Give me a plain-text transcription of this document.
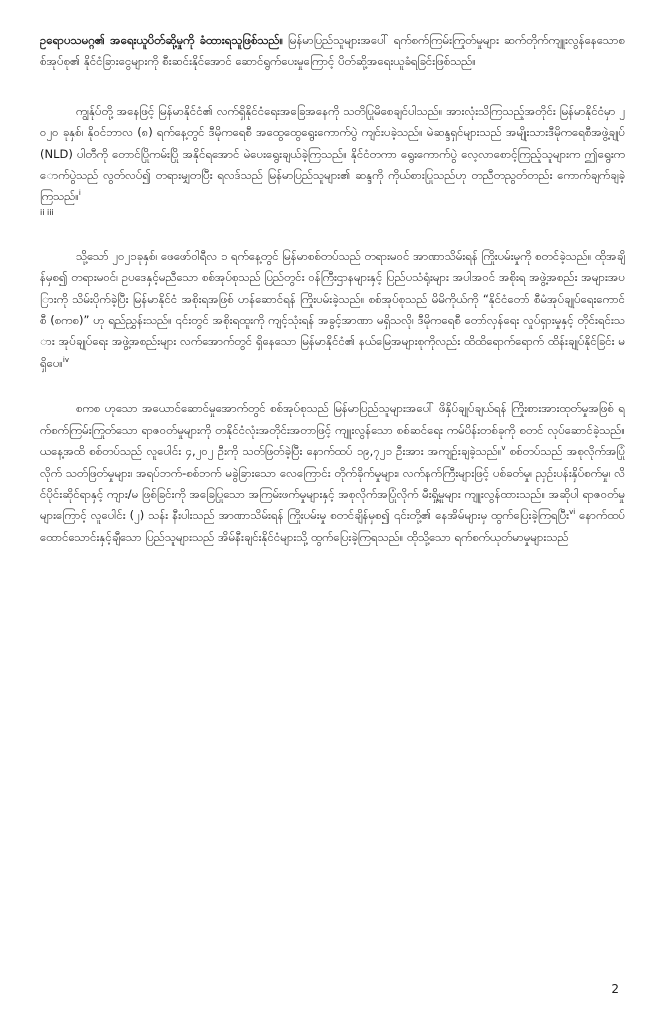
ဥရောပသမဂ္ဂ၏ အရေးယူပိတ်ဆို့မှုကို ခံထားရသူဖြစ်သည်။ မြန်မာပြည်သူများအပေါ် ရက်စက်ကြမ်းကြုတ်မှုများ ဆက်တိုက်ကျူးလွန်နေသောစစ်အုပ်စု၏ နိုင်ငံခြားငွေများကို စီးဆင်းနိုင်အောင် ဆောင်ရွက်ပေးမှုကြောင့် ပိတ်ဆို့အရေးယူခံရခြင်းဖြစ်သည်။

ကျွန်ုပ်တို့ အနေဖြင့် မြန်မာနိုင်ငံ၏ လက်ရှိနိုင်ငံရေးအခြေအနေကို သတိပြုမိစေချင်ပါသည်။ အားလုံးသိကြသည့်အတိုင်း မြန်မာနိုင်ငံမှာ ၂၀၂၀ ခုနှစ်၊ နိုဝင်ဘာလ (၈) ရက်နေ့တွင် ဒီမိုကရေစီ အထွေထွေရွေးကောက်ပွဲ ကျင်းပခဲ့သည်။ မဲဆန္ဒရှင်များသည် အမျိုးသားဒီမိုကရေစီအဖွဲ့ချုပ် (NLD) ပါတီကို တောင်ပြိုကမ်းပြို အနိုင်ရအောင် မဲပေးရွေးချယ်ခဲ့ကြသည်။ နိုင်ငံတကာ ရွေးကောက်ပွဲ လေ့လာစောင့်ကြည့်သူများက ဤရွေးကောက်ပွဲသည် လွတ်လပ်၍ တရားမျှတပြီး ရလဒ်သည် မြန်မာပြည်သူများ၏ ဆန္ဒကို ကိုယ်စားပြုသည်ဟု တညီတညွတ်တည်း ကောက်ချက်ချခဲ့ကြသည်။$^i$
ii iii

သို့သော် ၂၀၂၁ခုနှစ်၊ ဖေဖော်ဝါရီလ ၁ ရက်နေ့တွင် မြန်မာစစ်တပ်သည် တရားမဝင် အာဏာသိမ်းရန် ကြိုးပမ်းမှုကို စတင်ခဲ့သည်။ ထိုအချိန်မှစ၍ တရားမဝင်၊ ဥပဒေနှင့်မညီသော စစ်အုပ်စုသည် ပြည်တွင်း ဝန်ကြီးဌာနများနှင့် ပြည်ပသံရုံးများ အပါအဝင် အစိုးရ အဖွဲ့အစည်း အများအပြားကို သိမ်းပိုက်ခဲ့ပြီး မြန်မာနိုင်ငံ အစိုးရအဖြစ် ဟန်ဆောင်ရန် ကြိုးပမ်းခဲ့သည်။ စစ်အုပ်စုသည် မိမိကိုယ်ကို “နိုင်ငံတော် စီမံအုပ်ချုပ်ရေးကောင်စီ (စကစ)” ဟု ရည်ညွှန်းသည်။ ၎င်းတွင် အစိုးရထူးကို ကျင့်သုံးရန် အခွင့်အာဏာ မရှိသလို၊ ဒီမိုကရေစီ တော်လှန်ရေး လှုပ်ရှားမှုနှင့် တိုင်းရင်းသား အုပ်ချုပ်ရေး အဖွဲ့အစည်းများ လက်အောက်တွင် ရှိနေသော မြန်မာနိုင်ငံ၏ နယ်မြေအများစုကိုလည်း ထိထိရောက်ရောက် ထိန်းချုပ်နိုင်ခြင်း မရှိပေ။$^{iv}$

စကစ ဟုသော အယောင်ဆောင်မှုအောက်တွင် စစ်အုပ်စုသည် မြန်မာပြည်သူများအပေါ် ဖိနှိပ်ချုပ်ချယ်ရန် ကြိုးစားအားထုတ်မှုအဖြစ် ရက်စက်ကြမ်းကြုတ်သော ရာဇဝတ်မှုများကို တနိုင်ငံလုံးအတိုင်းအတာဖြင့် ကျူးလွန်သော စစ်ဆင်ရေး ကမ်ပိန်းတစ်ခုကို စတင် လုပ်ဆောင်ခဲ့သည်။ ယနေ့အထိ စစ်တပ်သည် လူပေါင်း ၄,၂၀၂ ဦးကို သတ်ဖြတ်ခဲ့ပြီး နောက်ထပ် ၁၉,၇၂၁ ဦးအား အကျဉ်းချခဲ့သည်။$^v$ စစ်တပ်သည် အစုလိုက်အပြုံလိုက် သတ်ဖြတ်မှုများ၊ အရပ်ဘက်-စစ်ဘက် မခွဲခြားသော လေကြောင်း တိုက်ခိုက်မှုများ၊ လက်နက်ကြီးများဖြင့် ပစ်ခတ်မှု၊ ညှဉ်းပန်းနှိပ်စက်မှု၊ လိင်ပိုင်းဆိုင်ရာနှင့် ကျား/မ ဖြစ်ခြင်းကို အခြေပြုသော အကြမ်းဖက်မှုများနှင့် အစုလိုက်အပြုံလိုက် မီးရှို့မှုများ ကျူးလွန်ထားသည်။ အဆိုပါ ရာဇဝတ်မှုများကြောင့် လူပေါင်း (၂) သန်း နီးပါးသည် အာဏာသိမ်းရန် ကြိုးပမ်းမှု စတင်ချိန်မှစ၍ ၎င်းတို့၏ နေအိမ်များမှ ထွက်ပြေးခဲ့ကြရပြီး$^{vi}$ နောက်ထပ် ထောင်သောင်းနှင့်ချီသော ပြည်သူများသည် အိမ်နီးချင်းနိုင်ငံများသို့ ထွက်ပြေးခဲ့ကြရသည်။ ထိုသို့သော ရက်စက်ယုတ်မာမှုများသည်

2
